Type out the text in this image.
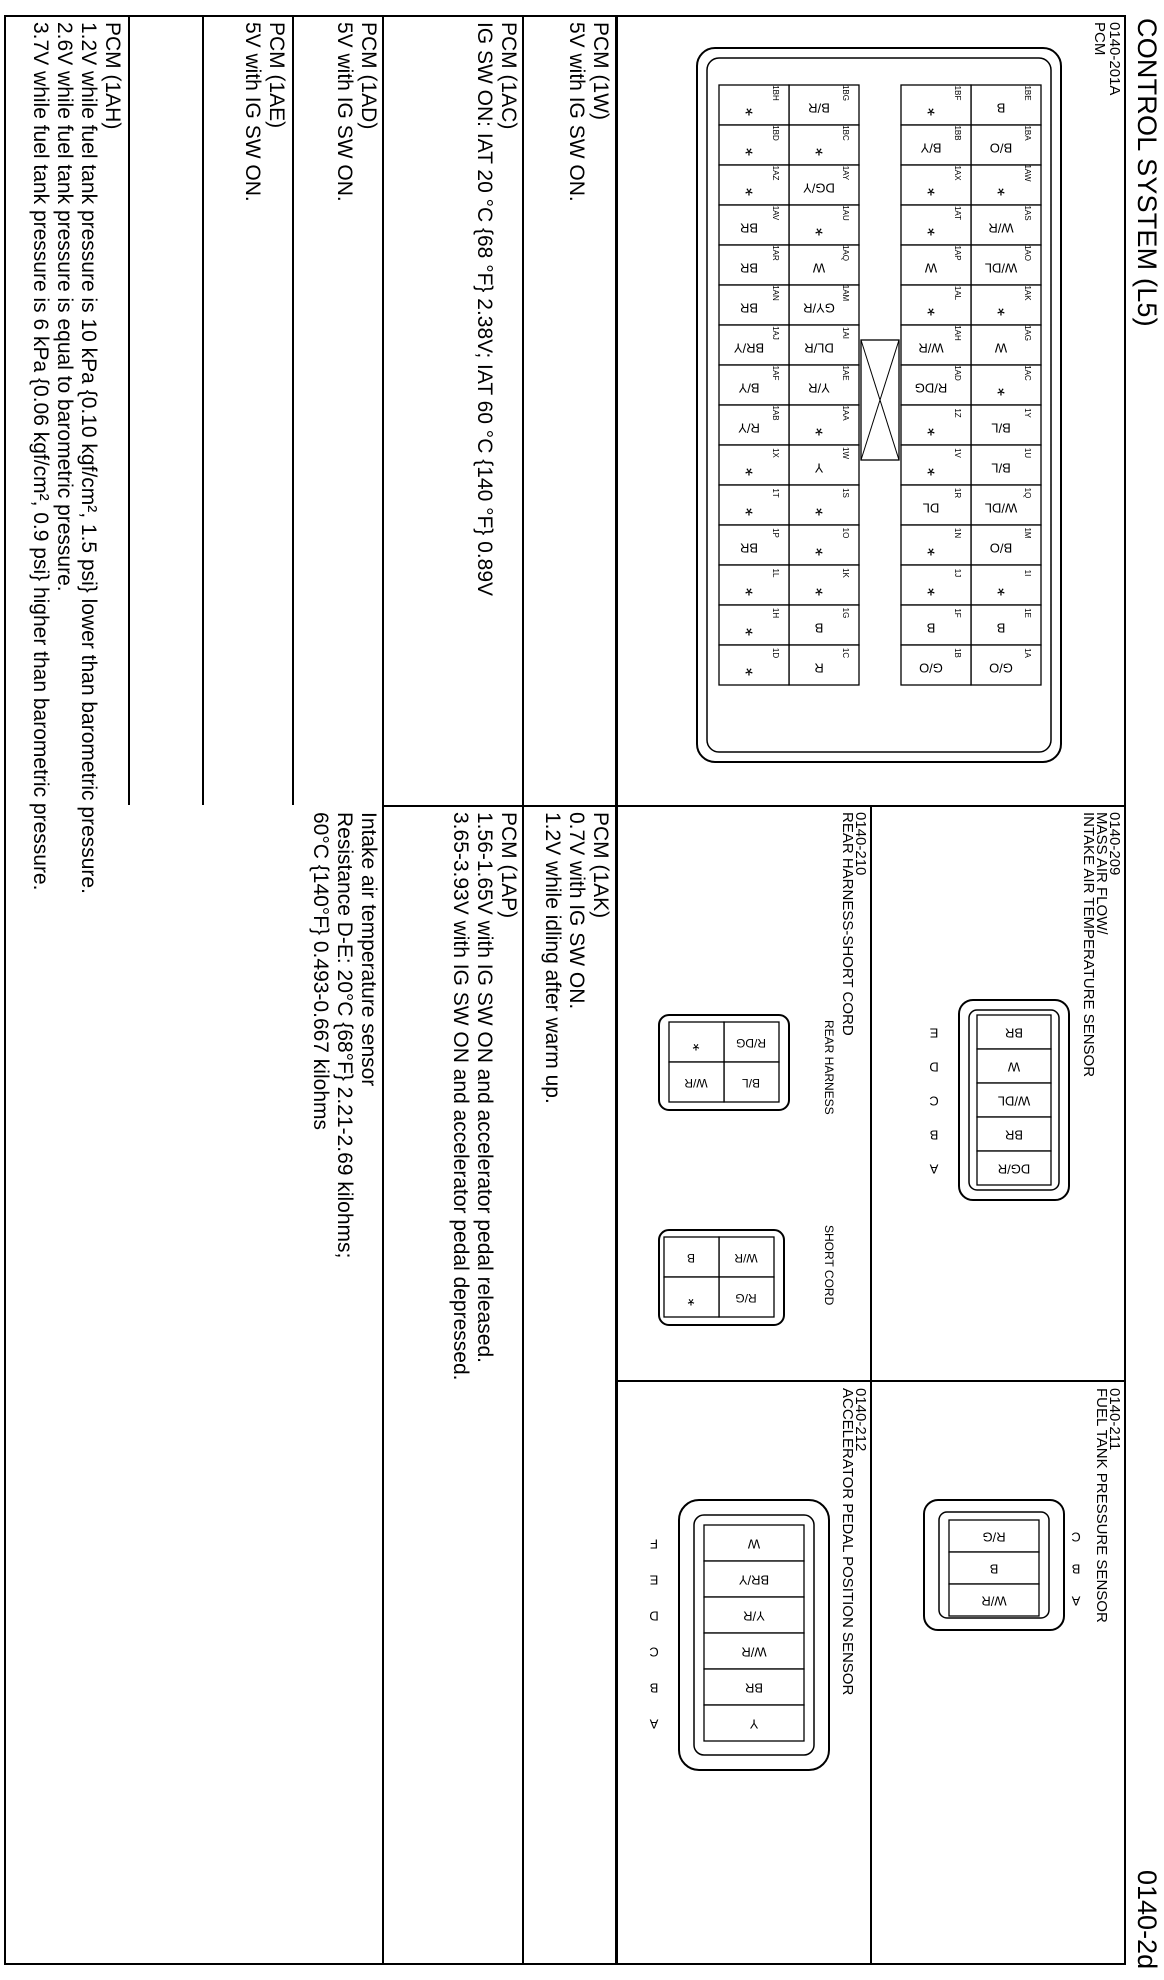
CONTROL SYSTEM (L5)
0140-2d
0140-201A
PCM
1BE
B
1BA
B/O
1AW
*
1AS
W/R
1AO
W/DL
1AK
*
1AG
W
1AC
*
1Y
B/L
1U
B/L
1Q
W/DL
1M
B/O
1I
*
1E
B
1A
G/O
1BF
*
1BB
B/Y
1AX
*
1AT
*
1AP
W
1AL
*
1AH
W/R
1AD
R/DG
1Z
*
1V
*
1R
DL
1N
*
1J
*
1F
B
1B
G/O
1BG
B/R
1BC
*
1AY
DG/Y
1AU
*
1AQ
W
1AM
GY/R
1AI
DL/R
1AE
Y/R
1AA
*
1W
Y
1S
*
1O
*
1K
*
1G
B
1C
R
1BH
*
1BD
*
1AZ
*
1AV
BR
1AR
BR
1AN
BR
1AJ
BR/Y
1AF
B/Y
1AB
R/Y
1X
*
1T
*
1P
BR
1L
*
1H
*
1D
*
0140-209
MASS AIR FLOW/
INTAKE AIR TEMPERATURE SENSOR
BR
W
W/DL
BR
DG/R
E
D
C
B
A
0140-211
FUEL TANK PRESSURE SENSOR
R/G
B
W/R
C
B
A
0140-210
REAR HARNESS-SHORT CORD
REAR HARNESS
SHORT CORD
R/DG
B/L
*
W/R
W/R
R/G
B
*
0140-212
ACCELERATOR PEDAL POSITION SENSOR
W
BR/Y
Y/R
W/R
BR
Y
F
E
D
C
B
A
PCM (1W)
5V with IG SW ON.
PCM (1AC)
IG SW ON: IAT 20 °C {68 °F} 2.38V; IAT 60 °C {140 °F} 0.89V
PCM (1AD)
5V with IG SW ON.
PCM (1AE)
5V with IG SW ON.
PCM (1AH)
1.2V while fuel tank pressure is 10 kPa {0.10 kgf/cm², 1.5 psi} lower than barometric pressure.
2.6V while fuel tank pressure is equal to barometric pressure.
3.7V while fuel tank pressure is 6 kPa {0.06 kgf/cm², 0.9 psi} higher than barometric pressure.	PCM (1AK)
0.7V with IG SW ON.
1.2V while idling after warm up.
PCM (1AP)
1.56-1.65V with IG SW ON and accelerator pedal released.
3.65-3.93V with IG SW ON and accelerator pedal depressed.
Intake air temperature sensor
Resistance D-E: 20°C {68°F} 2.21-2.69 kilohms;
60°C {140°F} 0.493-0.667 kilohms
